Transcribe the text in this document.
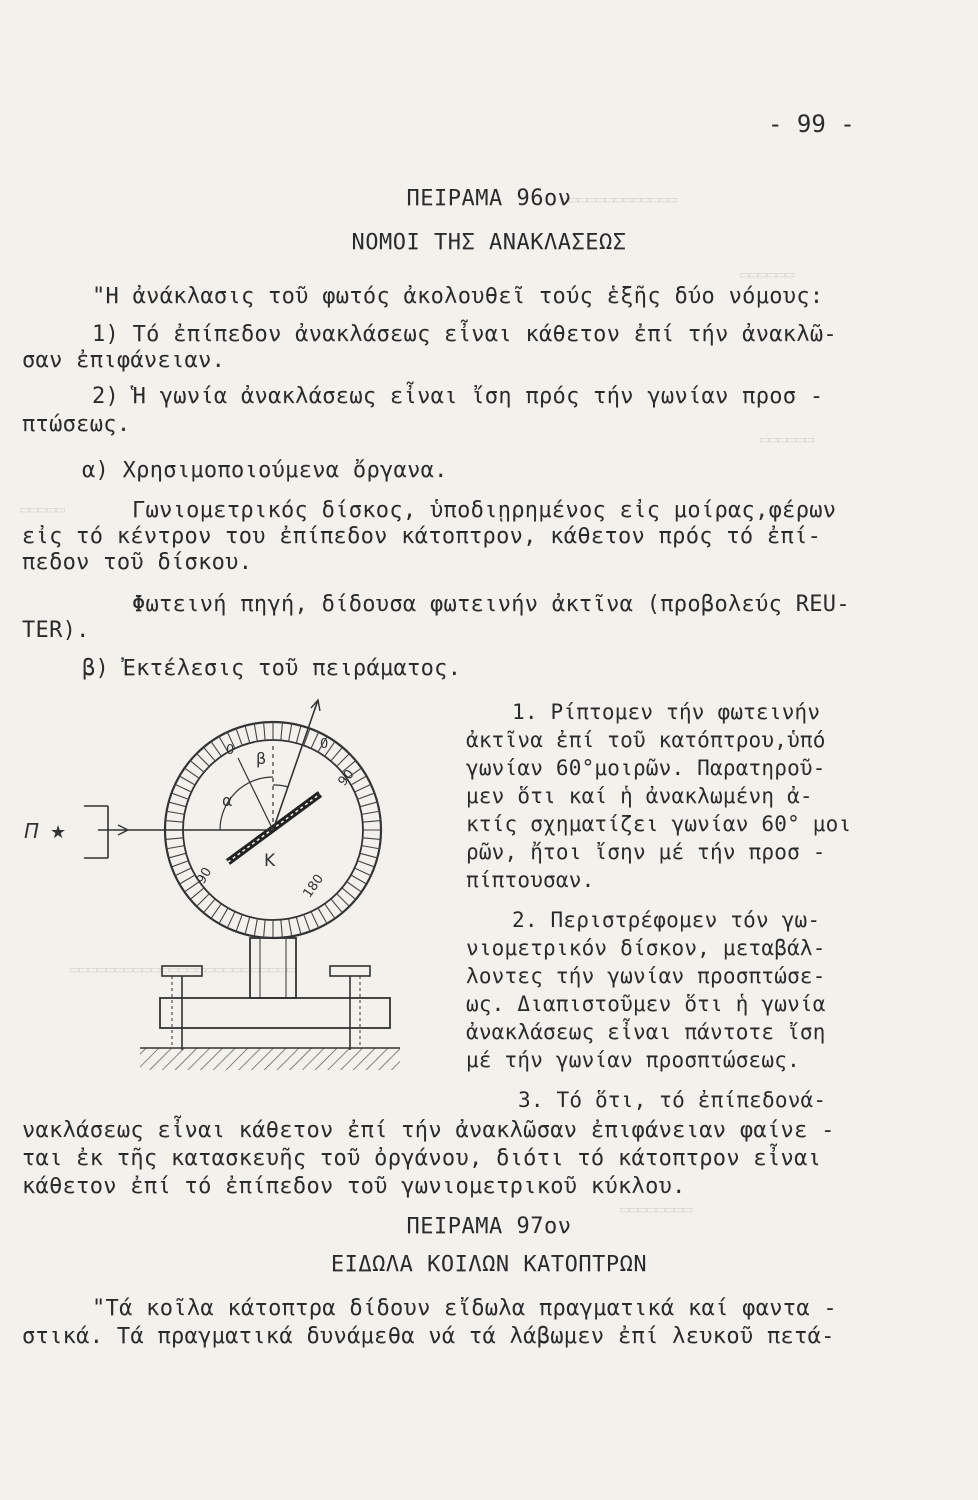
▭▭▭▭▭▭▭▭▭▭▭▭▭
▭▭▭▭▭▭
▭▭▭▭▭▭
▭▭▭▭▭
▭▭▭▭▭▭▭▭▭▭▭▭▭▭▭▭▭▭▭▭▭▭▭▭▭
▭▭▭▭▭▭▭▭
- 99 -
ΠΕΙΡΑΜΑ 96ον
ΝΟΜΟΙ ΤΗΣ ΑΝΑΚΛΑΣΕΩΣ
"Η ἀνάκλασις τοῦ φωτός ἀκολουθεῖ τούς ἑξῆς δύο νόμους:
1) Τό ἐπίπεδον ἀνακλάσεως εἶναι κάθετον ἐπί τήν ἀνακλῶ-
σαν ἐπιφάνειαν.
2) Ἡ γωνία ἀνακλάσεως εἶναι ἴση πρός τήν γωνίαν προσ -
πτώσεως.
α) Χρησιμοποιούμενα ὄργανα.
Γωνιομετρικός δίσκος, ὑποδιῃρημένος εἰς μοίρας,φέρων
εἰς τό κέντρον του ἐπίπεδον κάτοπτρον, κάθετον πρός τό ἐπί-
πεδον τοῦ δίσκου.
Φωτεινή πηγή, δίδουσα φωτεινήν ἀκτῖνα (προβολεύς REU-
TER).
β) Ἐκτέλεσις τοῦ πειράματος.
1. Ρίπτομεν τήν φωτεινήν
ἀκτῖνα ἐπί τοῦ κατόπτρου,ὑπό
γωνίαν 60°μοιρῶν. Παρατηροῦ-
μεν ὅτι καί ἡ ἀνακλωμένη ἀ-
κτίς σχηματίζει γωνίαν 60° μοι
ρῶν, ἤτοι ἴσην μέ τήν προσ -
πίπτουσαν.
2. Περιστρέφομεν τόν γω-
νιομετρικόν δίσκον, μεταβάλ-
λοντες τήν γωνίαν προσπτώσε-
ως. Διαπιστοῦμεν ὅτι ἡ γωνία
ἀνακλάσεως εἶναι πάντοτε ἴση
μέ τήν γωνίαν προσπτώσεως.
3. Τό ὅτι, τό ἐπίπεδονά-
νακλάσεως εἶναι κάθετον ἐπί τήν ἀνακλῶσαν ἐπιφάνειαν φαίνε -
ται ἐκ τῆς κατασκευῆς τοῦ ὀργάνου, διότι τό κάτοπτρον εἶναι
κάθετον ἐπί τό ἐπίπεδον τοῦ γωνιομετρικοῦ κύκλου.
ΠΕΙΡΑΜΑ 97ον
ΕΙΔΩΛΑ ΚΟΙΛΩΝ ΚΑΤΟΠΤΡΩΝ
"Τά κοῖλα κάτοπτρα δίδουν εἴδωλα πραγματικά καί φαντα -
στικά. Τά πραγματικά δυνάμεθα νά τά λάβωμεν ἐπί λευκοῦ πετά-
α
β
Κ
0	0
90
90
180
Π ★
